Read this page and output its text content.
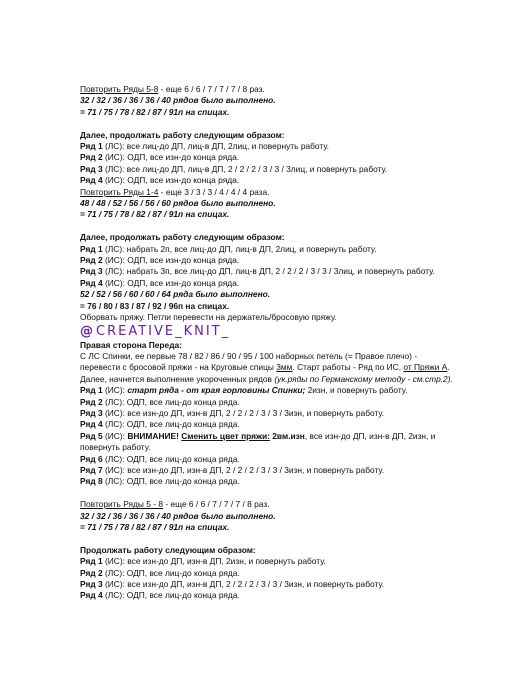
Повторить Ряды 5-8 - еще 6 / 6 / 7 / 7 / 7 / 8 раз.
32 / 32 / 36 / 36 / 36 / 40 рядов было выполнено.
= 71 / 75 / 78 / 82 / 87 / 91п на спицах.
Далее, продолжать работу следующим образом:
Ряд 1 (ЛС): все лиц-до ДП, лиц-в ДП, 2лиц, и повернуть работу.
Ряд 2 (ИС): ОДП, все изн-до конца ряда.
Ряд 3 (ЛС): все лиц-до ДП, лиц-в ДП, 2 / 2 / 2 / 3 / 3 / 3лиц, и повернуть работу.
Ряд 4 (ИС): ОДП, все изн-до конца ряда.
Повторить Ряды 1-4 - еще 3 / 3 / 3 / 4 / 4 / 4 раза.
48 / 48 / 52 / 56 / 56 / 60 рядов было выполнено.
= 71 / 75 / 78 / 82 / 87 / 91п на спицах.
Далее, продолжать работу следующим образом:
Ряд 1 (ЛС): набрать 2п, все лиц-до ДП, лиц-в ДП, 2лиц, и повернуть работу.
Ряд 2 (ИС): ОДП, все изн-до конца ряда.
Ряд 3 (ЛС): набрать 3п, все лиц-до ДП, лиц-в ДП, 2 / 2 / 2 / 3 / 3 / 3лиц, и повернуть работу.
Ряд 4 (ИС): ОДП, все изн-до конца ряда.
52 / 52 / 56 / 60 / 60 / 64 ряда было выполнено.
= 76 / 80 / 83 / 87 / 92 / 96п на спицах.
Оборвать пряжу. Петли перевести на держатель/бросовую пряжу.
@CREATIVE_KNIT_
Правая сторона Переда:
С ЛС Спинки, ее первые 78 / 82 / 86 / 90 / 95 / 100 наборных петель (= Правое плечо) -
перевести с бросовой пряжи - на Круговые спицы 3мм. Старт работы - Ряд по ИС, от Пряжи А.
Далее, начнется выполнение укороченных рядов (ук.ряды по Германскому методу - см.стр.2).
Ряд 1 (ИС): старт ряда - от края горловины Спинки; 2изн, и повернуть работу.
Ряд 2 (ЛС): ОДП, все лиц-до конца ряда.
Ряд 3 (ИС): все изн-до ДП, изн-в ДП, 2 / 2 / 2 / 3 / 3 / 3изн, и повернуть работу.
Ряд 4 (ЛС): ОДП, все лиц-до конца ряда.
Ряд 5 (ИС): ВНИМАНИЕ! Сменить цвет пряжи: 2вм.изн, все изн-до ДП, изн-в ДП, 2изн, и
повернуть работу.
Ряд 6 (ЛС): ОДП, все лиц-до конца ряда.
Ряд 7 (ИС): все изн-до ДП, изн-в ДП, 2 / 2 / 2 / 3 / 3 / 3изн, и повернуть работу.
Ряд 8 (ЛС): ОДП, все лиц-до конца ряда.
Повторить Ряды 5 - 8 - еще 6 / 6 / 7 / 7 / 7 / 8 раз.
32 / 32 / 36 / 36 / 36 / 40 рядов было выполнено.
= 71 / 75 / 78 / 82 / 87 / 91п на спицах.
Продолжать работу следующим образом:
Ряд 1 (ИС): все изн-до ДП, изн-в ДП, 2изн, и повернуть работу.
Ряд 2 (ЛС): ОДП, все лиц-до конца ряда.
Ряд 3 (ИС): все изн-до ДП, изн-в ДП, 2 / 2 / 2 / 3 / 3 / 3изн, и повернуть работу.
Ряд 4 (ЛС): ОДП, все лиц-до конца ряда.
